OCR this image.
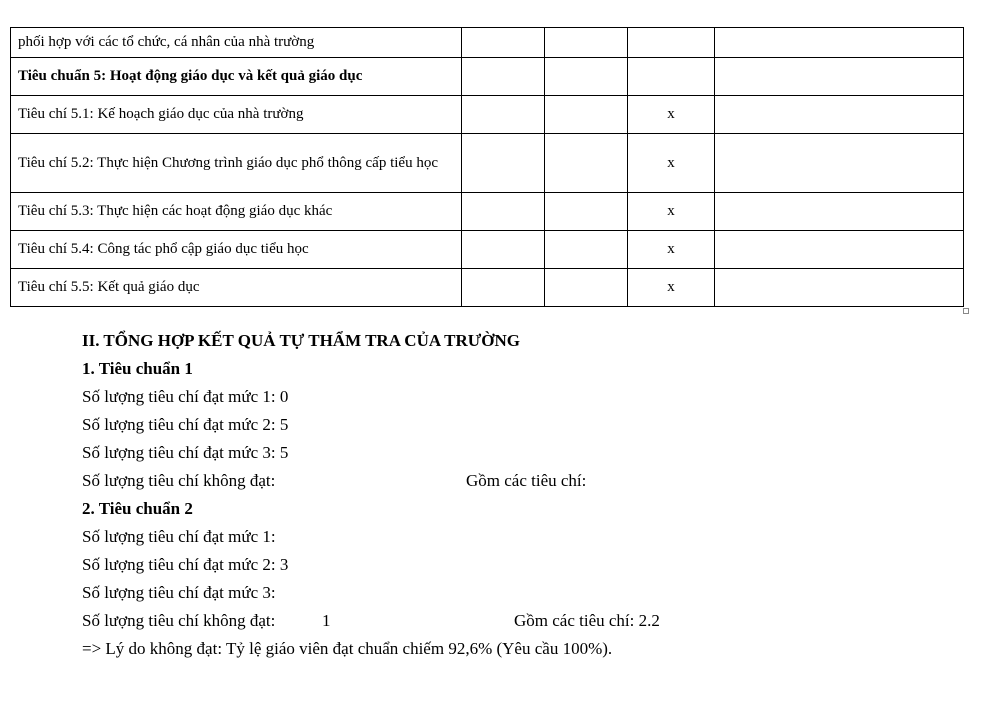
phối hợp với các tổ chức, cá nhân của nhà trường				
Tiêu chuẩn 5: Hoạt động giáo dục và kết quả giáo dục				
Tiêu chí 5.1: Kế hoạch giáo dục của nhà trường			x	
Tiêu chí 5.2: Thực hiện Chương trình giáo dục phổ thông cấp tiểu học			x	
Tiêu chí 5.3: Thực hiện các hoạt động giáo dục khác			x	
Tiêu chí 5.4: Công tác phổ cập giáo dục tiểu học			x	
Tiêu chí 5.5: Kết quả giáo dục			x	
II. TỔNG HỢP KẾT QUẢ TỰ THẨM TRA CỦA TRƯỜNG
1. Tiêu chuẩn 1
Số lượng tiêu chí đạt mức 1: 0
Số lượng tiêu chí đạt mức 2: 5
Số lượng tiêu chí đạt mức 3: 5
Số lượng tiêu chí không đạt:	Gồm các tiêu chí:
2. Tiêu chuẩn 2
Số lượng tiêu chí đạt mức 1:
Số lượng tiêu chí đạt mức 2: 3
Số lượng tiêu chí đạt mức 3:
Số lượng tiêu chí không đạt:	1	Gồm các tiêu chí: 2.2
=> Lý do không đạt: Tỷ lệ giáo viên đạt chuẩn chiếm 92,6% (Yêu cầu 100%).
